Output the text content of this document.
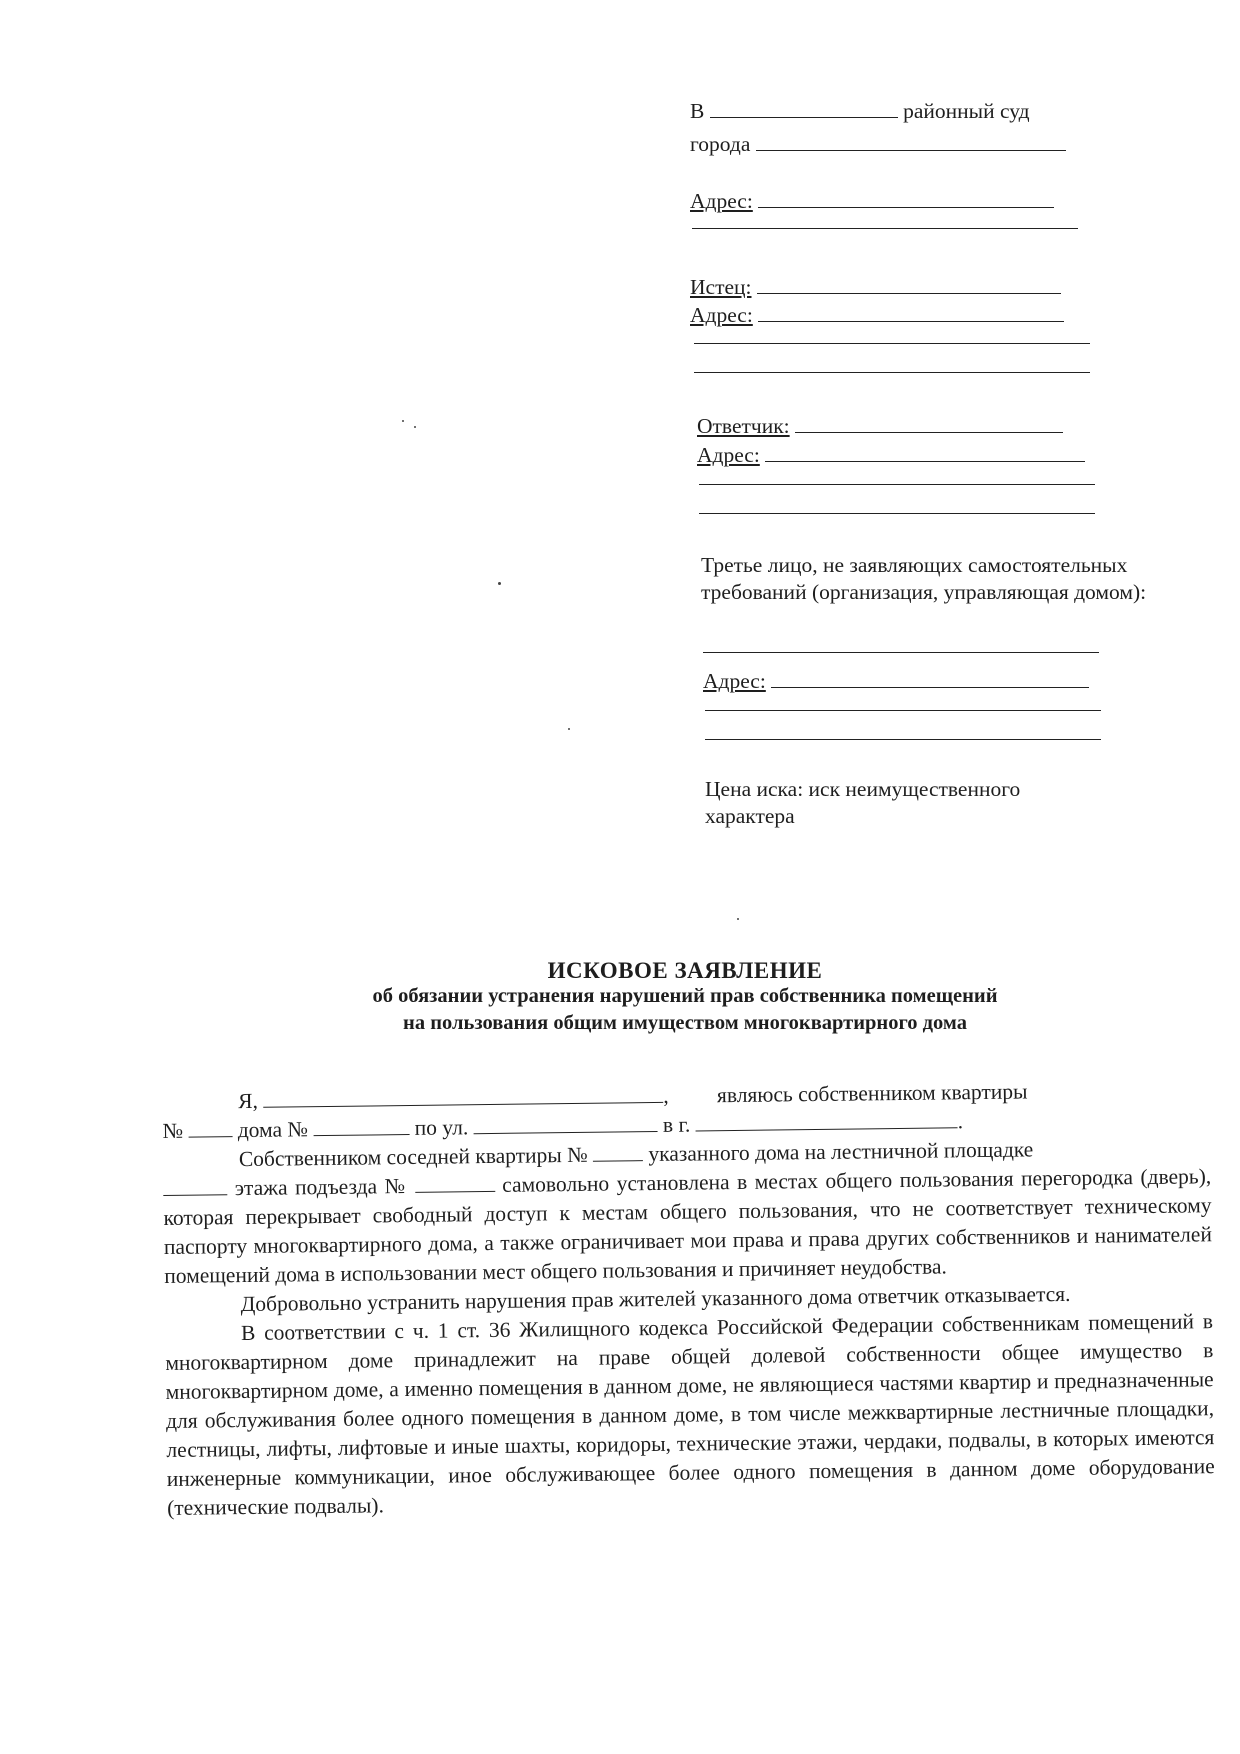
В	районный суд
города
Адрес:
Истец:
Адрес:
Ответчик:
Адрес:
Третье лицо, не заявляющих самостоятельных требований (организация, управляющая домом):
Адрес:
Цена иска: иск неимущественного характера
ИСКОВОЕ ЗАЯВЛЕНИЕ
об обязании устранения нарушений прав собственника помещений
на пользования общим имуществом многоквартирного дома

Я,	,         являюсь собственником квартиры

№	дома №	по ул.	в г.	.

Собственником соседней квартиры №	указанного дома на лестничной площадке

этажа подъезда №	самовольно установлена в местах общего пользования перегородка (дверь), которая перекрывает свободный доступ к местам общего пользования, что не соответствует техническому паспорту многоквартирного дома, а также ограничивает мои права и права других собственников и нанимателей помещений дома в использовании мест общего пользования и причиняет неудобства.

Добровольно устранить нарушения прав жителей указанного дома ответчик отказывается.

В соответствии с ч. 1 ст. 36 Жилищного кодекса Российской Федерации собственникам помещений в многоквартирном доме принадлежит на праве общей долевой собственности общее имущество в многоквартирном доме, а именно помещения в данном доме, не являющиеся частями квартир и предназначенные для обслуживания более одного помещения в данном доме, в том числе межквартирные лестничные площадки, лестницы, лифты, лифтовые и иные шахты, коридоры, технические этажи, чердаки, подвалы, в которых имеются инженерные коммуникации, иное обслуживающее более одного помещения в данном доме оборудование (технические подвалы).
